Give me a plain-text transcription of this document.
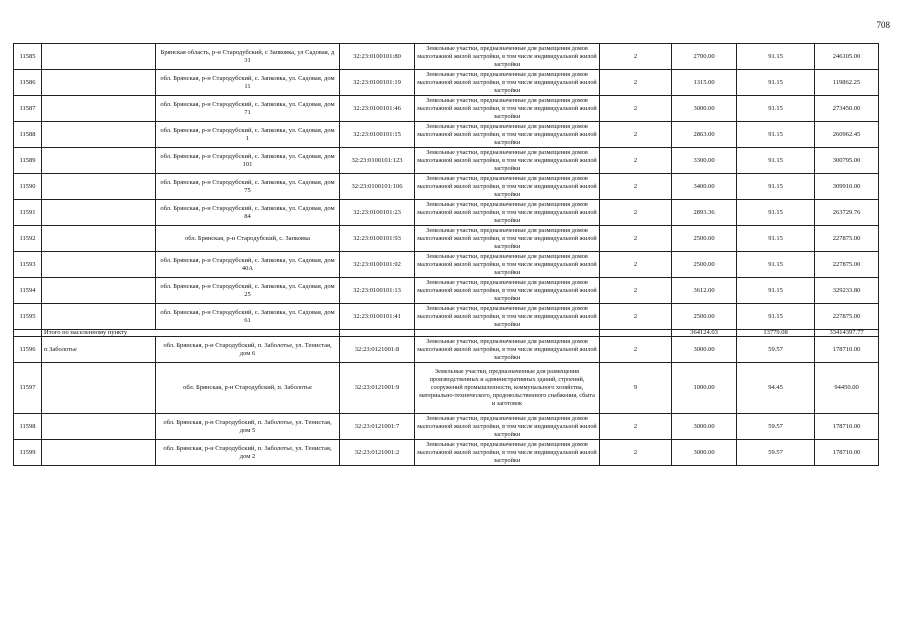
708
11585		Брянская область, р-н Стародубский, с Запковка, ул Садовая, д 31	32:23:0100101:80	Земельные участки, предназначенные для размещения домов малоэтажной жилой застройки, в том числе индивидуальной жилой застройки	2	2700.00	91.15	246105.00
11586		обл. Брянская, р-н Стародубский, с. Запковка, ул. Садовая, дом 11	32:23:0100101:19	Земельные участки, предназначенные для размещения домов малоэтажной жилой застройки, в том числе индивидуальной жилой застройки	2	1315.00	91.15	119862.25
11587		обл. Брянская, р-н Стародубский, с. Запковка, ул. Садовая, дом 71	32:23:0100101:46	Земельные участки, предназначенные для размещения домов малоэтажной жилой застройки, в том числе индивидуальной жилой застройки	2	3000.00	91.15	273450.00
11588		обл. Брянская, р-н Стародубский, с. Запковка, ул. Садовая, дом 1	32:23:0100101:15	Земельные участки, предназначенные для размещения домов малоэтажной жилой застройки, в том числе индивидуальной жилой застройки	2	2863.00	91.15	260962.45
11589		обл. Брянская, р-н Стародубский, с. Запковка, ул. Садовая, дом 101	32:23:0100101:123	Земельные участки, предназначенные для размещения домов малоэтажной жилой застройки, в том числе индивидуальной жилой застройки	2	3300.00	91.15	300795.00
11590		обл. Брянская, р-н Стародубский, с. Запковка, ул. Садовая, дом 75	32:23:0100101:106	Земельные участки, предназначенные для размещения домов малоэтажной жилой застройки, в том числе индивидуальной жилой застройки	2	3400.00	91.15	309910.00
11591		обл. Брянская, р-н Стародубский, с. Запковка, ул. Садовая, дом 84	32:23:0100101:23	Земельные участки, предназначенные для размещения домов малоэтажной жилой застройки, в том числе индивидуальной жилой застройки	2	2893.36	91.15	263729.76
11592		обл. Брянская, р-н Стародубский, с. Запковка	32:23:0100101:93	Земельные участки, предназначенные для размещения домов малоэтажной жилой застройки, в том числе индивидуальной жилой застройки	2	2500.00	91.15	227875.00
11593		обл. Брянская, р-н Стародубский, с. Запковка, ул. Садовая, дом 40А	32:23:0100101:92	Земельные участки, предназначенные для размещения домов малоэтажной жилой застройки, в том числе индивидуальной жилой застройки	2	2500.00	91.15	227875.00
11594		обл. Брянская, р-н Стародубский, с. Запковка, ул. Садовая, дом 25	32:23:0100101:13	Земельные участки, предназначенные для размещения домов малоэтажной жилой застройки, в том числе индивидуальной жилой застройки	2	3612.00	91.15	329233.80
11595		обл. Брянская, р-н Стародубский, с. Запковка, ул. Садовая, дом 61	32:23:0100101:41	Земельные участки, предназначенные для размещения домов малоэтажной жилой застройки, в том числе индивидуальной жилой застройки	2	2500.00	91.15	227875.00
	Итого по населенному пункту					364124.03	13779.08	33414397.77
11596	п Заболотье	обл. Брянская, р-н Стародубский, п. Заболотье, ул. Тенистая, дом 6	32:23:0121001:8	Земельные участки, предназначенные для размещения домов малоэтажной жилой застройки, в том числе индивидуальной жилой застройки	2	3000.00	59.57	178710.00
11597		обл. Брянская, р-н Стародубский, п. Заболотье	32:23:0121001:9	Земельные участки, предназначенные для размещения производственных и административных зданий, строений, сооружений промышленности, коммунального хозяйства, материально-технического, продовольственного снабжения, сбыта и заготовок	9	1000.00	94.45	94450.00
11598		обл. Брянская, р-н Стародубский, п. Заболотье, ул. Тенистая, дом 5	32:23:0121001:7	Земельные участки, предназначенные для размещения домов малоэтажной жилой застройки, в том числе индивидуальной жилой застройки	2	3000.00	59.57	178710.00
11599		обл. Брянская, р-н Стародубский, п. Заболотье, ул. Тенистая, дом 2	32:23:0121001:2	Земельные участки, предназначенные для размещения домов малоэтажной жилой застройки, в том числе индивидуальной жилой застройки	2	3000.00	59.57	178710.00
